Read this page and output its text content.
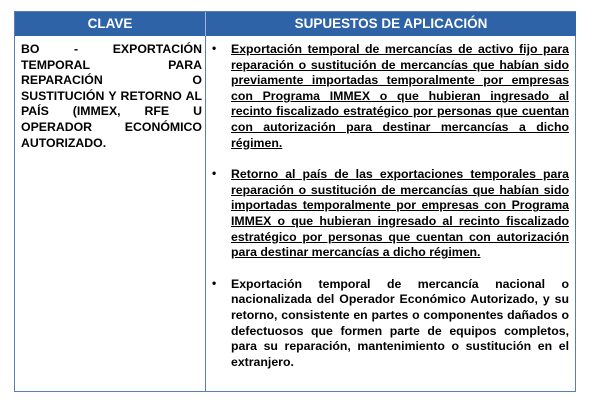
CLAVE	SUPUESTOS DE APLICACIÓN
BO - EXPORTACIÓN TEMPORAL PARA REPARACIÓN O SUSTITUCIÓN Y RETORNO AL PAÍS (IMMEX, RFE U OPERADOR ECONÓMICO AUTORIZADO.
• Exportación temporal de mercancías de activo fijo para reparación o sustitución de mercancías que habían sido previamente importadas temporalmente por empresas con Programa IMMEX o que hubieran ingresado al recinto fiscalizado estratégico por personas que cuentan con autorización para destinar mercancías a dicho régimen.
• Retorno al país de las exportaciones temporales para reparación o sustitución de mercancías que habían sido importadas temporalmente por empresas con Programa IMMEX o que hubieran ingresado al recinto fiscalizado estratégico por personas que cuentan con autorización para destinar mercancías a dicho régimen.
• Exportación temporal de mercancía nacional o nacionalizada del Operador Económico Autorizado, y su retorno, consistente en partes o componentes dañados o defectuosos que formen parte de equipos completos, para su reparación, mantenimiento o sustitución en el extranjero.
